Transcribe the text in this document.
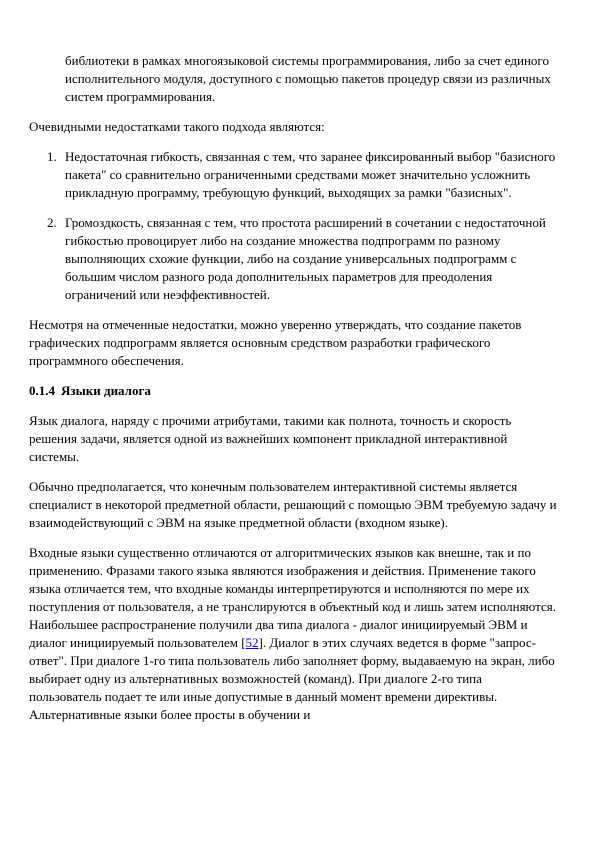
библиотеки в рамках многоязыковой системы программирования, либо за счет единого исполнительного модуля, доступного с помощью пакетов процедур связи из различных систем программирования.

Очевидными недостатками такого подхода являются:

1. Недостаточная гибкость, связанная с тем, что заранее фиксированный выбор "базисного пакета" со сравнительно ограниченными средствами может значительно усложнить прикладную программу, требующую функций, выходящих за рамки "базисных".
2. Громоздкость, связанная с тем, что простота расширений в сочетании с недостаточной гибкостью провоцирует либо на создание множества подпрограмм по разному выполняющих схожие функции, либо на создание универсальных подпрограмм с большим числом разного рода дополнительных параметров для преодоления ограничений или неэффективностей.

Несмотря на отмеченные недостатки, можно уверенно утверждать, что создание пакетов графических подпрограмм является основным средством разработки графического программного обеспечения.

0.1.4 Языки диалога

Язык диалога, наряду с прочими атрибутами, такими как полнота, точность и скорость решения задачи, является одной из важнейших компонент прикладной интерактивной системы.

Обычно предполагается, что конечным пользователем интерактивной системы является специалист в некоторой предметной области, решающий с помощью ЭВМ требуемую задачу и взаимодействующий с ЭВМ на языке предметной области (входном языке).

Входные языки существенно отличаются от алгоритмических языков как внешне, так и по применению. Фразами такого языка являются изображения и действия. Применение такого языка отличается тем, что входные команды интерпретируются и исполняются по мере их поступления от пользователя, а не транслируются в объектный код и лишь затем исполняются. Наибольшее распространение получили два типа диалога - диалог инициируемый ЭВМ и диалог инициируемый пользователем [52]. Диалог в этих случаях ведется в форме "запрос-ответ". При диалоге 1-го типа пользователь либо заполняет форму, выдаваемую на экран, либо выбирает одну из альтернативных возможностей (команд). При диалоге 2-го типа пользователь подает те или иные допустимые в данный момент времени директивы. Альтернативные языки более просты в обучении и
